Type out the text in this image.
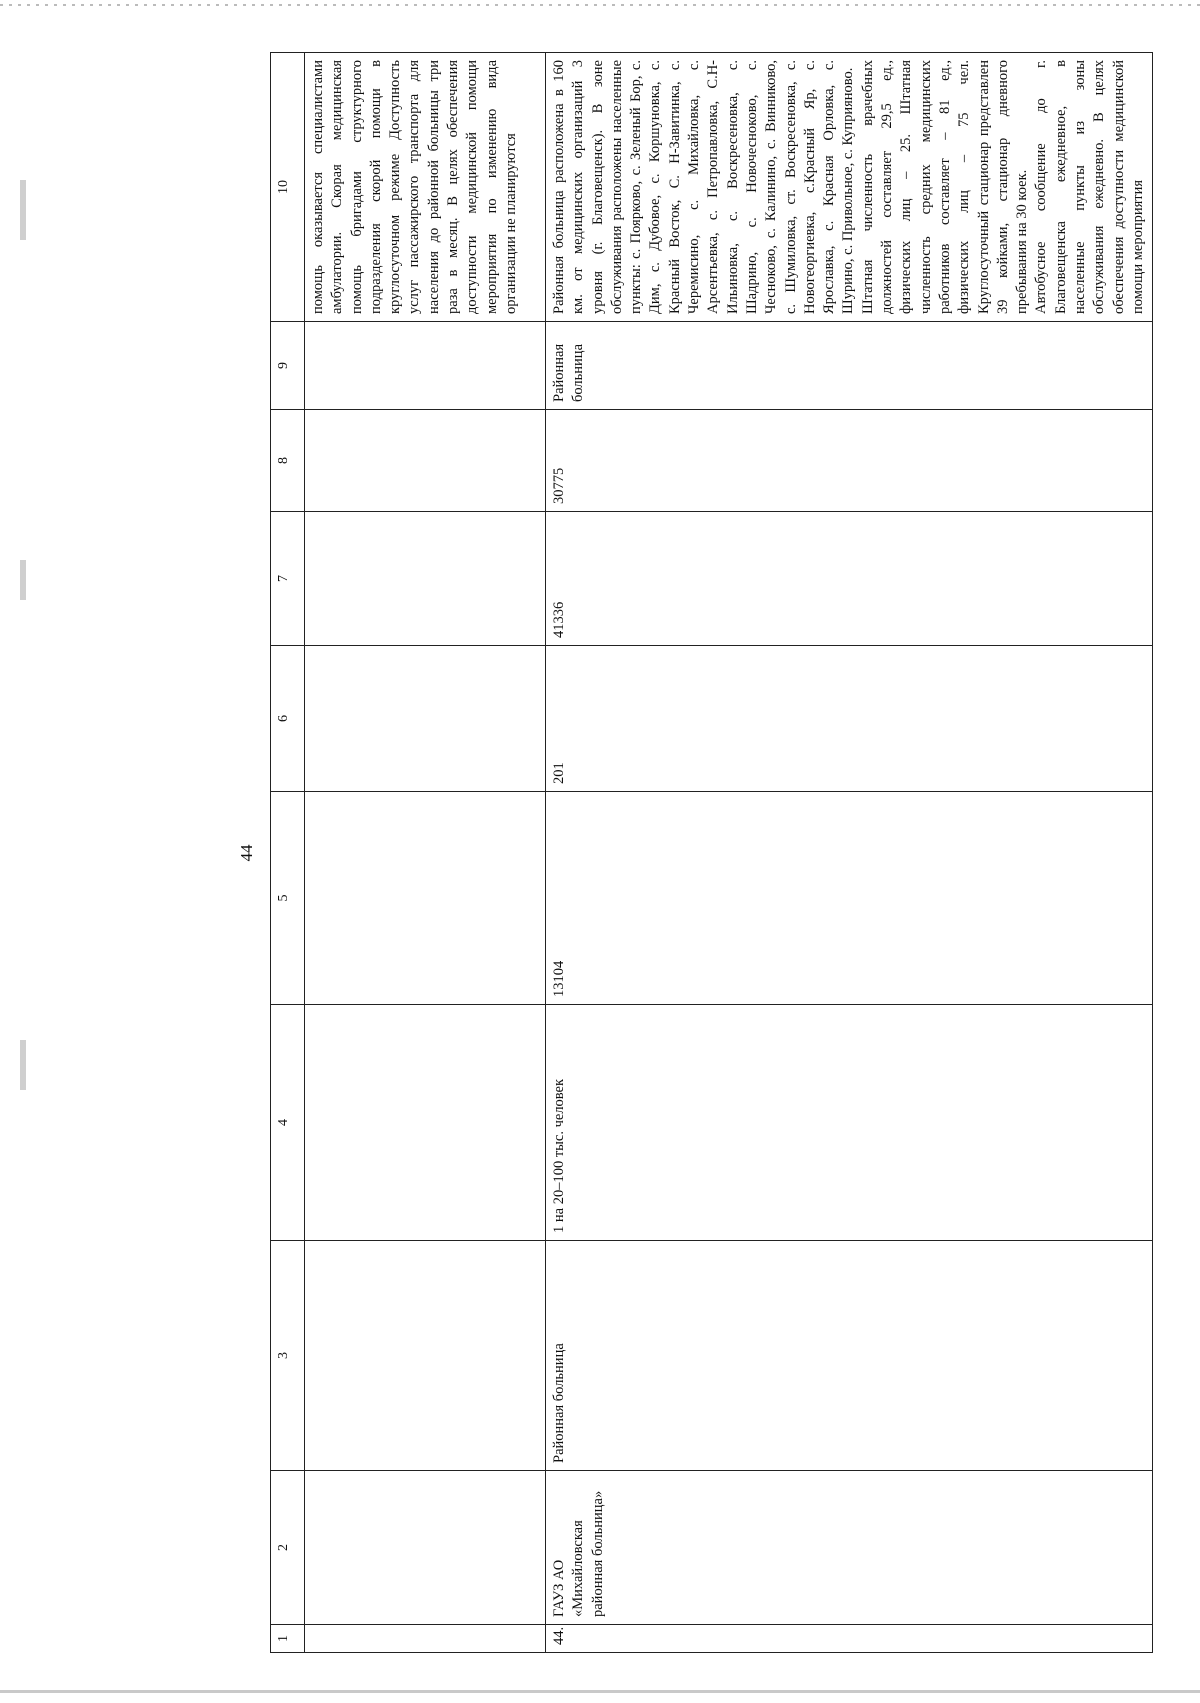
44
1	2	3	4	5	6	7	8	9	10
									помощь оказывается специалистами амбулатории. Скорая медицинская помощь бригадами структурного подразделения скорой помощи в круглосуточном режиме Доступность услуг пассажирского транспорта для населения до районной больницы три раза в месяц. В целях обеспечения доступности медицинской помощи мероприятия по изменению вида организации не планируются
44.	ГАУЗ АО «Михайловская районная больница»	Районная больница	1 на 20–100 тыс. человек	13104	201	41336	30775	Районная больница	Районная больница расположена в 160 км. от медицинских организаций 3 уровня (г. Благовещенск). В зоне обслуживания расположены населенные пункты: с. Поярково, с. Зеленый Бор, с. Дим, с. Дубовое, с. Коршуновка, с. Красный Восток, С. Н-Завитинка, с. Черемисино, с. Михайловка, с. Арсентьевка, с. Петропавловка, С.Н-Ильиновка, с. Воскресеновка, с. Шадрино, с. Новочесноково, с. Чесноково, с. Калинино, с. Винниково, с. Шумиловка, ст. Воскресеновка, с. Новогеоргиевка, с.Красный Яр, с. Ярославка, с. Красная Орловка, с. Шурино, с. Привольное, с. Куприяново. Штатная численность врачебных должностей составляет 29,5 ед., физических лиц – 25. Штатная численность средних медицинских работников составляет – 81 ед., физических лиц – 75 чел. Круглосуточный стационар представлен 39 койками, стационар дневного пребывания на 30 коек. Автобусное сообщение до г. Благовещенска ежедневное, в населенные пункты из зоны обслуживания ежедневно. В целях обеспечения доступности медицинской помощи мероприятия
